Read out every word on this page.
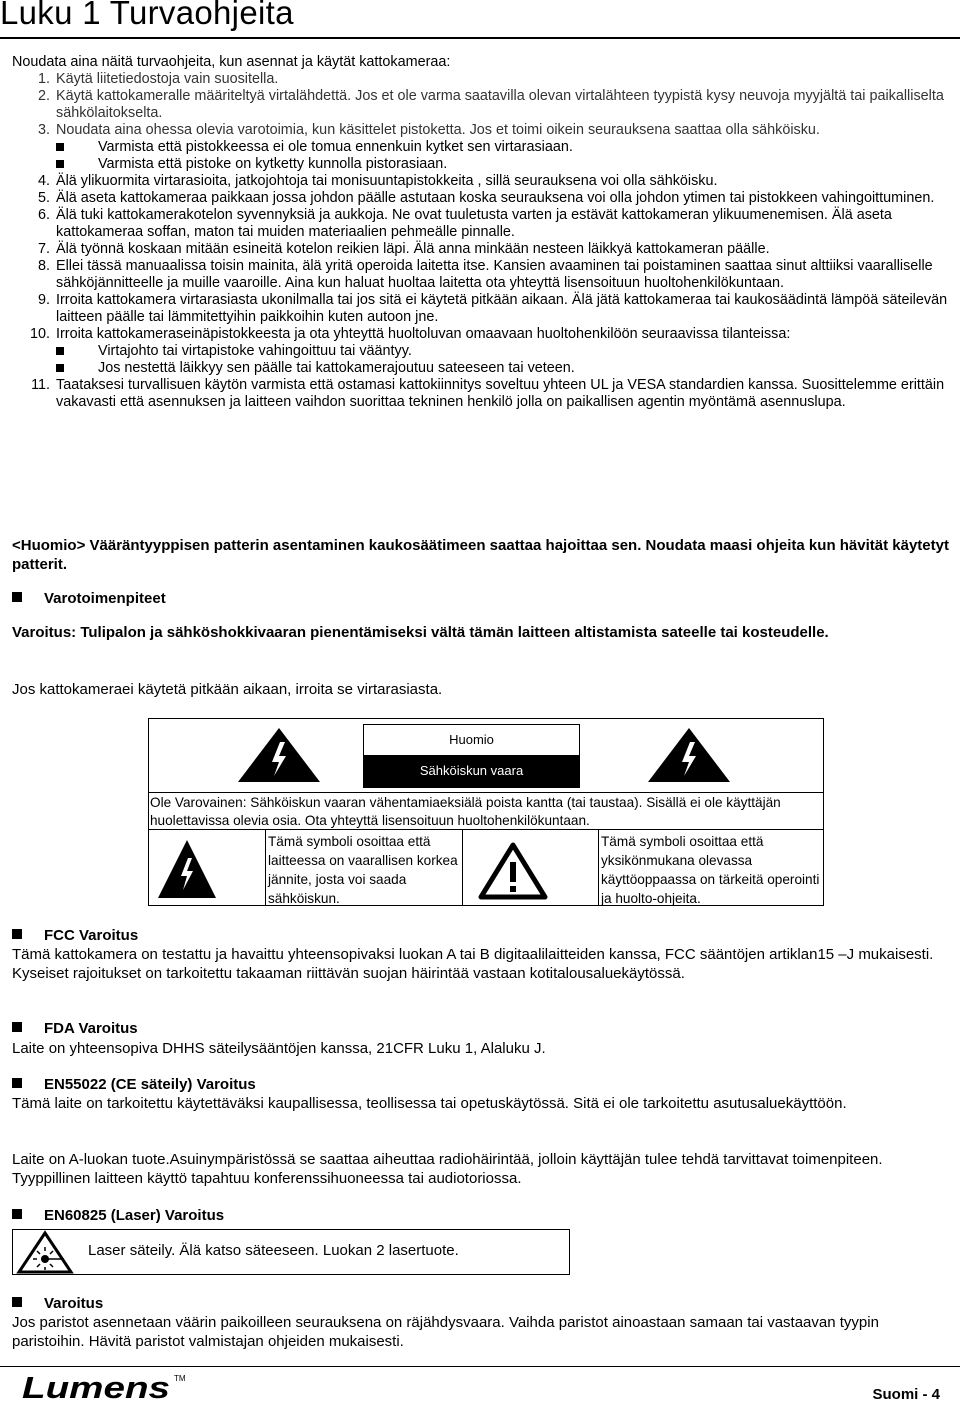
Luku 1 Turvaohjeita
Noudata aina näitä turvaohjeita, kun asennat ja käytät kattokameraa:
1. Käytä liitetiedostoja vain suositella.
2. Käytä kattokameralle määriteltyä virtalähdettä. Jos et ole varma saatavilla olevan virtalähteen tyypistä kysy neuvoja myyjältä tai paikalliselta sähkölaitokselta.
3. Noudata aina ohessa olevia varotoimia, kun käsittelet pistoketta. Jos et toimi oikein seurauksena saattaa olla sähköisku.
Varmista että pistokkeessa ei ole tomua ennenkuin kytket sen virtarasiaan.
Varmista että pistoke on kytketty kunnolla pistorasiaan.
4. Älä ylikuormita virtarasioita, jatkojohtoja tai monisuuntapistokkeita , sillä seurauksena voi olla sähköisku.
5. Älä aseta kattokameraa paikkaan jossa johdon päälle astutaan koska seurauksena voi olla johdon ytimen tai pistokkeen vahingoittuminen.
6. Älä tuki kattokamerakotelon syvennyksiä ja aukkoja. Ne ovat tuuletusta varten ja estävät kattokameran ylikuumenemisen. Älä aseta kattokameraa soffan, maton tai muiden materiaalien pehmeälle pinnalle.
7. Älä työnnä koskaan mitään esineitä kotelon reikien läpi. Älä anna minkään nesteen läikkyä kattokameran päälle.
8. Ellei tässä manuaalissa toisin mainita, älä yritä operoida laitetta itse. Kansien avaaminen tai poistaminen saattaa sinut alttiiksi vaaralliselle sähköjännitteelle ja muille vaaroille. Aina kun haluat huoltaa laitetta ota yhteyttä lisensoituun huoltohenkilökuntaan.
9. Irroita kattokamera virtarasiasta ukonilmalla tai jos sitä ei käytetä pitkään aikaan. Älä jätä kattokameraa tai kaukosäädintä lämpöä säteilevän laitteen päälle tai lämmitettyihin paikkoihin kuten autoon jne.
10. Irroita kattokameraseinäpistokkeesta ja ota yhteyttä huoltoluvan omaavaan huoltohenkilöön seuraavissa tilanteissa:
Virtajohto tai virtapistoke vahingoittuu tai vääntyy.
Jos nestettä läikkyy sen päälle tai kattokamerajoutuu sateeseen tai veteen.
11. Taataksesi turvallisuen käytön varmista että ostamasi kattokiinnitys soveltuu yhteen UL ja VESA standardien kanssa. Suosittelemme erittäin vakavasti että asennuksen ja laitteen vaihdon suorittaa tekninen henkilö jolla on paikallisen agentin myöntämä asennuslupa.
<Huomio> Vääräntyyppisen patterin asentaminen kaukosäätimeen saattaa hajoittaa sen. Noudata maasi ohjeita kun hävität käytetyt patterit.
Varotoimenpiteet
Varoitus: Tulipalon ja sähköshokkivaaran pienentämiseksi vältä tämän laitteen altistamista sateelle tai kosteudelle.
Jos kattokameraei käytetä pitkään aikaan, irroita se virtarasiasta.
Huomio
Sähköiskun vaara
Ole Varovainen: Sähköiskun vaaran vähentamiaeksiälä poista kantta (tai taustaa). Sisällä ei ole käyttäjän huolettavissa olevia osia. Ota yhteyttä lisensoituun huoltohenkilökuntaan.
Tämä symboli osoittaa että laitteessa on vaarallisen korkea jännite, josta voi saada sähköiskun.
Tämä symboli osoittaa että yksikönmukana olevassa käyttöoppaassa on tärkeitä operointi ja huolto-ohjeita.
FCC Varoitus
Tämä kattokamera on testattu ja havaittu yhteensopivaksi luokan A tai B digitaalilaitteiden kanssa, FCC sääntöjen artiklan15 –J mukaisesti. Kyseiset rajoitukset on tarkoitettu takaaman riittävän suojan häirintää vastaan kotitalousaluekäytössä.
FDA Varoitus
Laite on yhteensopiva DHHS säteilysääntöjen kanssa, 21CFR Luku 1, Alaluku J.
EN55022 (CE säteily) Varoitus
Tämä laite on tarkoitettu käytettäväksi kaupallisessa, teollisessa tai opetuskäytössä. Sitä ei ole tarkoitettu asutusaluekäyttöön.
Laite on A-luokan tuote.Asuinympäristössä se saattaa aiheuttaa radiohäirintää, jolloin käyttäjän tulee tehdä tarvittavat toimenpiteen. Tyyppillinen laitteen käyttö tapahtuu konferenssihuoneessa tai audiotoriossa.
EN60825 (Laser) Varoitus
Laser säteily. Älä katso säteeseen. Luokan 2 lasertuote.
Varoitus
Jos paristot asennetaan väärin paikoilleen seurauksena on räjähdysvaara. Vaihda paristot ainoastaan samaan tai vastaavan tyypin paristoihin. Hävitä paristot valmistajan ohjeiden mukaisesti.
Lumens TM
Suomi - 4
